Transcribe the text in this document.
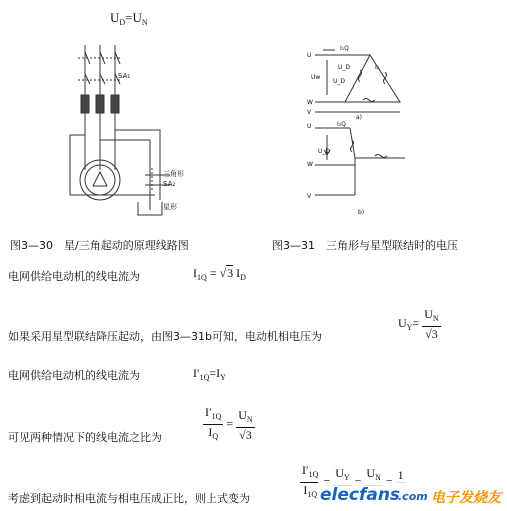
$U_D=U_N$
SA₁
三角形
SA₂
星形
I₁Q
U_D
U_D
Uw
U
W
V
I₂
a)
U	I₂Q
U_D
W
V
b)
图3—30　星/三角起动的原理线路图	图3—31　三角形与星型联结时的电压
电网供给电动机的线电流为	$I_{1Q} = √3$ $I_D$
如果采用星型联结降压起动，由图3—31b可知，电动机相电压为
$U_Y= \frac{U_N}{√3}$
电网供给电动机的线电流为	$I'_{1Q}=I_Y$
可见两种情况下的线电流之比为	$\frac{I'_{1Q}}{I_Q} = \frac{U_N}{√3}$
考虑到起动时相电流与相电压成正比，则上式变为	$\frac{I'_{1Q}}{I_{1Q}}$
$U_Y$

$U_N$

1

elecfans
.com 电子发烧友
